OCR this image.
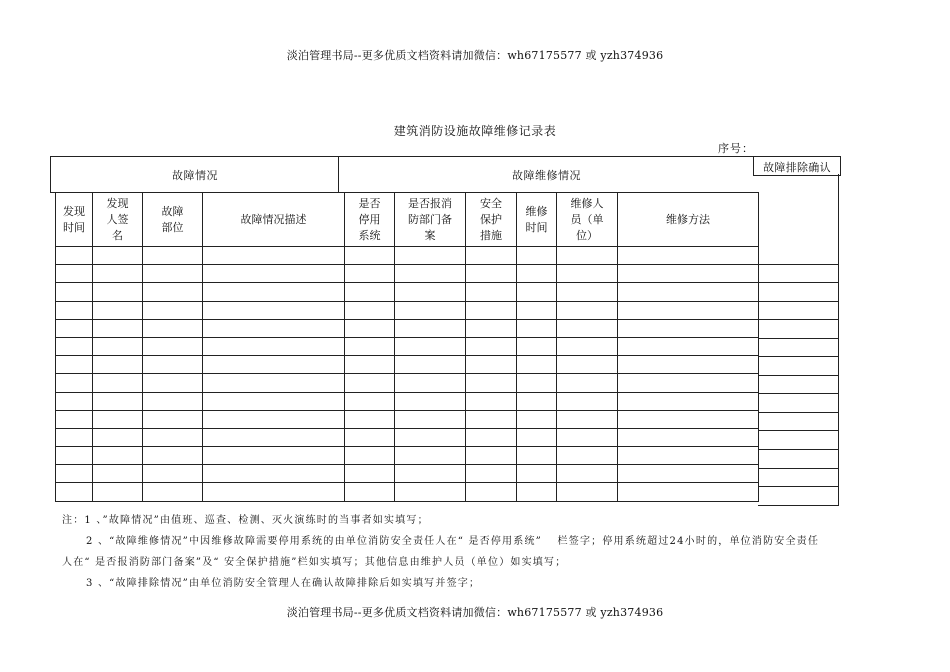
淡泊管理书局--更多优质文档资料请加微信：wh67175577 或 yzh374936
建筑消防设施故障维修记录表
序号：
故障情况	故障维修情况
故障排除确认
发现时间	发现人签名	故障部位	故障情况描述	是否停用系统	是否报消防部门备案	安全保护措施	维修时间	维修人员（单位）	维修方法

注：1 、”故障情况”由值班、巡查、检测、灭火演练时的当事者如实填写；

2 、“故障维修情况”中因维修故障需要停用系统的由单位消防安全责任人在“ 是否停用系统” 　栏签字；停用系统超过24小时的，单位消防安全责任

人在“ 是否报消防部门备案”及“ 安全保护措施”栏如实填写；其他信息由维护人员（单位）如实填写；

3 、“故障排除情况”由单位消防安全管理人在确认故障排除后如实填写并签字；

淡泊管理书局--更多优质文档资料请加微信：wh67175577 或 yzh374936
